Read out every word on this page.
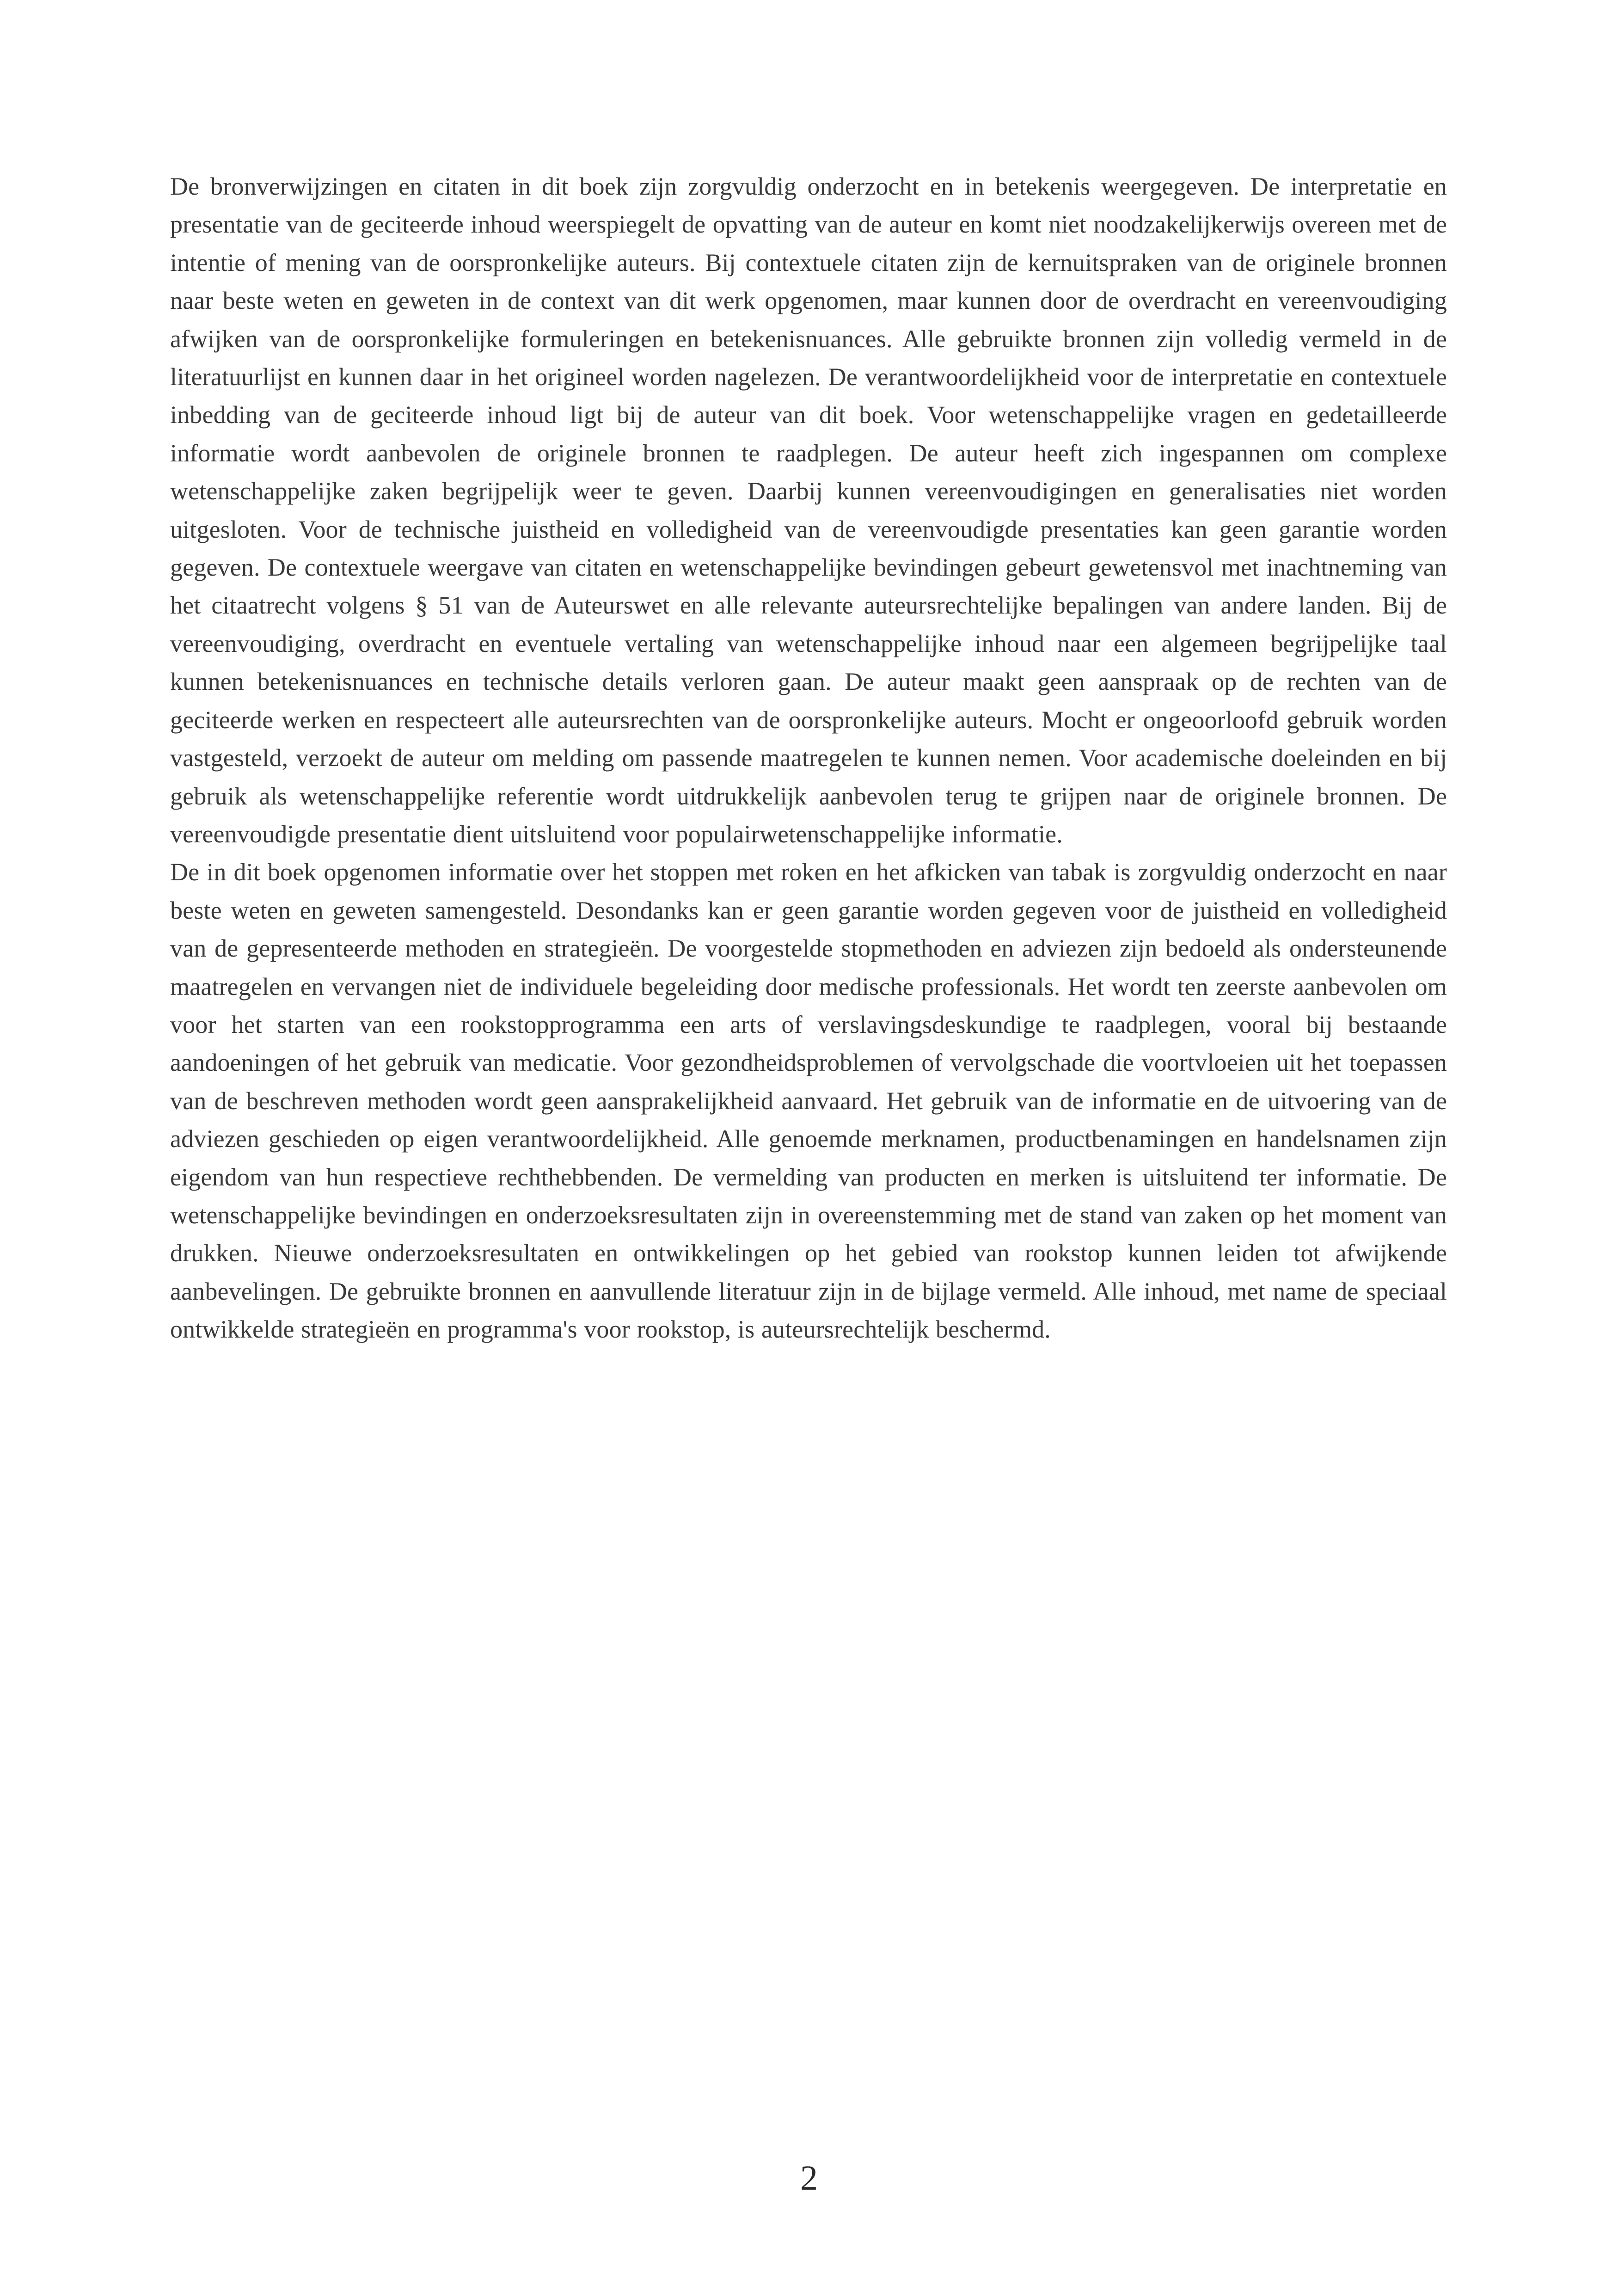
De bronverwijzingen en citaten in dit boek zijn zorgvuldig onderzocht en in betekenis weergegeven. De interpretatie en presentatie van de geciteerde inhoud weerspiegelt de opvatting van de auteur en komt niet noodzakelijkerwijs overeen met de intentie of mening van de oorspronkelijke auteurs. Bij contextuele citaten zijn de kernuitspraken van de originele bronnen naar beste weten en geweten in de context van dit werk opgenomen, maar kunnen door de overdracht en vereenvoudiging afwijken van de oorspronkelijke formuleringen en betekenisnuances. Alle gebruikte bronnen zijn volledig vermeld in de literatuurlijst en kunnen daar in het origineel worden nagelezen. De verantwoordelijkheid voor de interpretatie en contextuele inbedding van de geciteerde inhoud ligt bij de auteur van dit boek. Voor wetenschappelijke vragen en gedetailleerde informatie wordt aanbevolen de originele bronnen te raadplegen. De auteur heeft zich ingespannen om complexe wetenschappelijke zaken begrijpelijk weer te geven. Daarbij kunnen vereenvoudigingen en generalisaties niet worden uitgesloten. Voor de technische juistheid en volledigheid van de vereenvoudigde presentaties kan geen garantie worden gegeven. De contextuele weergave van citaten en wetenschappelijke bevindingen gebeurt gewetensvol met inachtneming van het citaatrecht volgens § 51 van de Auteurswet en alle relevante auteursrechtelijke bepalingen van andere landen. Bij de vereenvoudiging, overdracht en eventuele vertaling van wetenschappelijke inhoud naar een algemeen begrijpelijke taal kunnen betekenisnuances en technische details verloren gaan. De auteur maakt geen aanspraak op de rechten van de geciteerde werken en respecteert alle auteursrechten van de oorspronkelijke auteurs. Mocht er ongeoorloofd gebruik worden vastgesteld, verzoekt de auteur om melding om passende maatregelen te kunnen nemen. Voor academische doeleinden en bij gebruik als wetenschappelijke referentie wordt uitdrukkelijk aanbevolen terug te grijpen naar de originele bronnen. De vereenvoudigde presentatie dient uitsluitend voor populairwetenschappelijke informatie.

De in dit boek opgenomen informatie over het stoppen met roken en het afkicken van tabak is zorgvuldig onderzocht en naar beste weten en geweten samengesteld. Desondanks kan er geen garantie worden gegeven voor de juistheid en volledigheid van de gepresenteerde methoden en strategieën. De voorgestelde stopmethoden en adviezen zijn bedoeld als ondersteunende maatregelen en vervangen niet de individuele begeleiding door medische professionals. Het wordt ten zeerste aanbevolen om voor het starten van een rookstopprogramma een arts of verslavingsdeskundige te raadplegen, vooral bij bestaande aandoeningen of het gebruik van medicatie. Voor gezondheidsproblemen of vervolgschade die voortvloeien uit het toepassen van de beschreven methoden wordt geen aansprakelijkheid aanvaard. Het gebruik van de informatie en de uitvoering van de adviezen geschieden op eigen verantwoordelijkheid. Alle genoemde merknamen, productbenamingen en handelsnamen zijn eigendom van hun respectieve rechthebbenden. De vermelding van producten en merken is uitsluitend ter informatie. De wetenschappelijke bevindingen en onderzoeksresultaten zijn in overeenstemming met de stand van zaken op het moment van drukken. Nieuwe onderzoeksresultaten en ontwikkelingen op het gebied van rookstop kunnen leiden tot afwijkende aanbevelingen. De gebruikte bronnen en aanvullende literatuur zijn in de bijlage vermeld. Alle inhoud, met name de speciaal ontwikkelde strategieën en programma's voor rookstop, is auteursrechtelijk beschermd.

2
